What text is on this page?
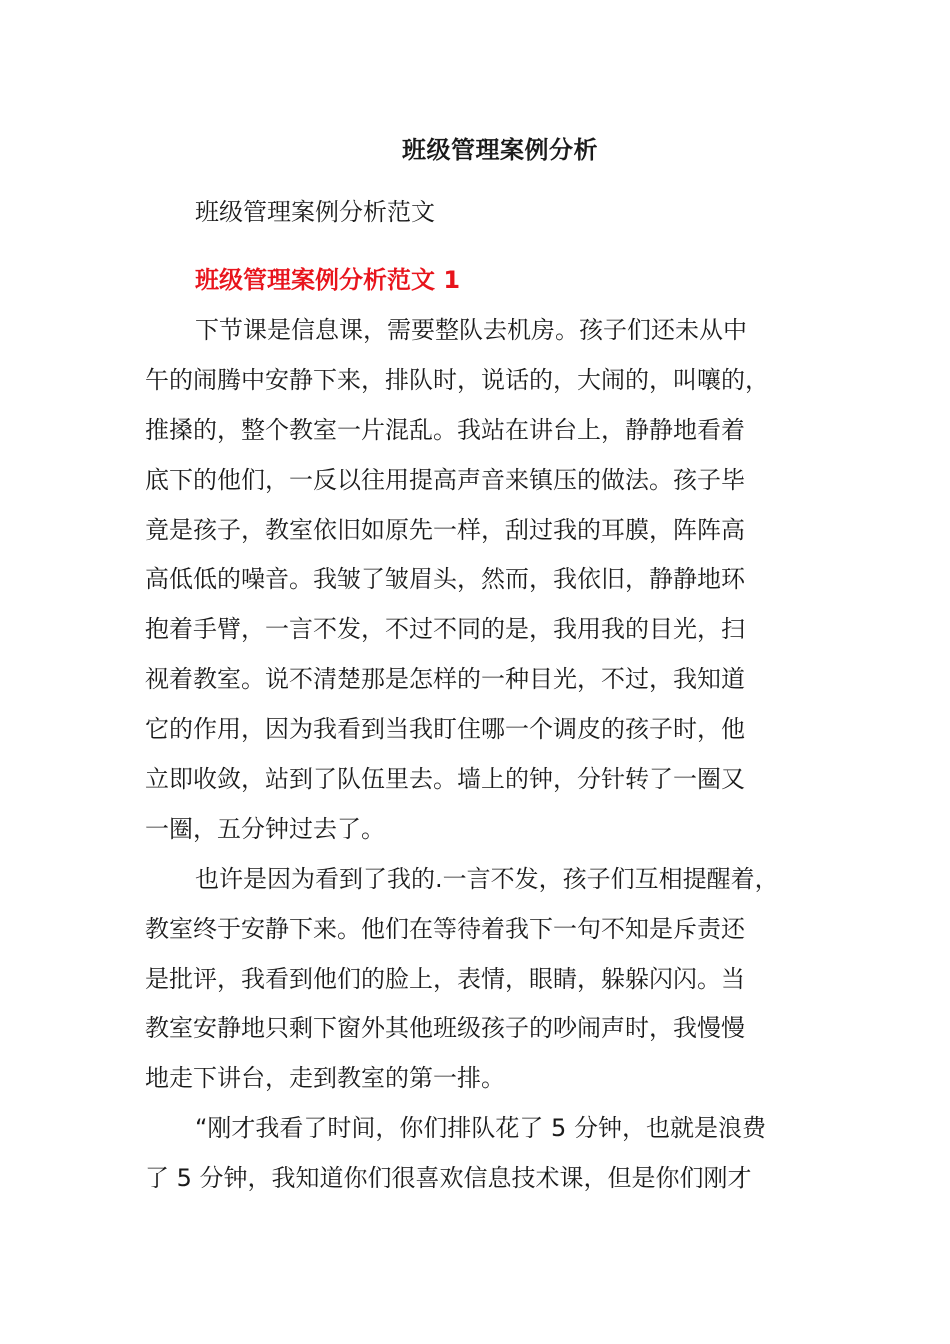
班级管理案例分析
班级管理案例分析范文
班级管理案例分析范文 1
下节课是信息课，需要整队去机房。孩子们还未从中
午的闹腾中安静下来，排队时，说话的，大闹的，叫嚷的，
推搡的，整个教室一片混乱。我站在讲台上，静静地看着
底下的他们，一反以往用提高声音来镇压的做法。孩子毕
竟是孩子，教室依旧如原先一样，刮过我的耳膜，阵阵高
高低低的噪音。我皱了皱眉头，然而，我依旧，静静地环
抱着手臂，一言不发，不过不同的是，我用我的目光，扫
视着教室。说不清楚那是怎样的一种目光，不过，我知道
它的作用，因为我看到当我盯住哪一个调皮的孩子时，他
立即收敛，站到了队伍里去。墙上的钟，分针转了一圈又
一圈，五分钟过去了。
也许是因为看到了我的.一言不发，孩子们互相提醒着，
教室终于安静下来。他们在等待着我下一句不知是斥责还
是批评，我看到他们的脸上，表情，眼睛，躲躲闪闪。当
教室安静地只剩下窗外其他班级孩子的吵闹声时，我慢慢
地走下讲台，走到教室的第一排。
“刚才我看了时间，你们排队花了 5 分钟，也就是浪费
了 5 分钟，我知道你们很喜欢信息技术课，但是你们刚才
